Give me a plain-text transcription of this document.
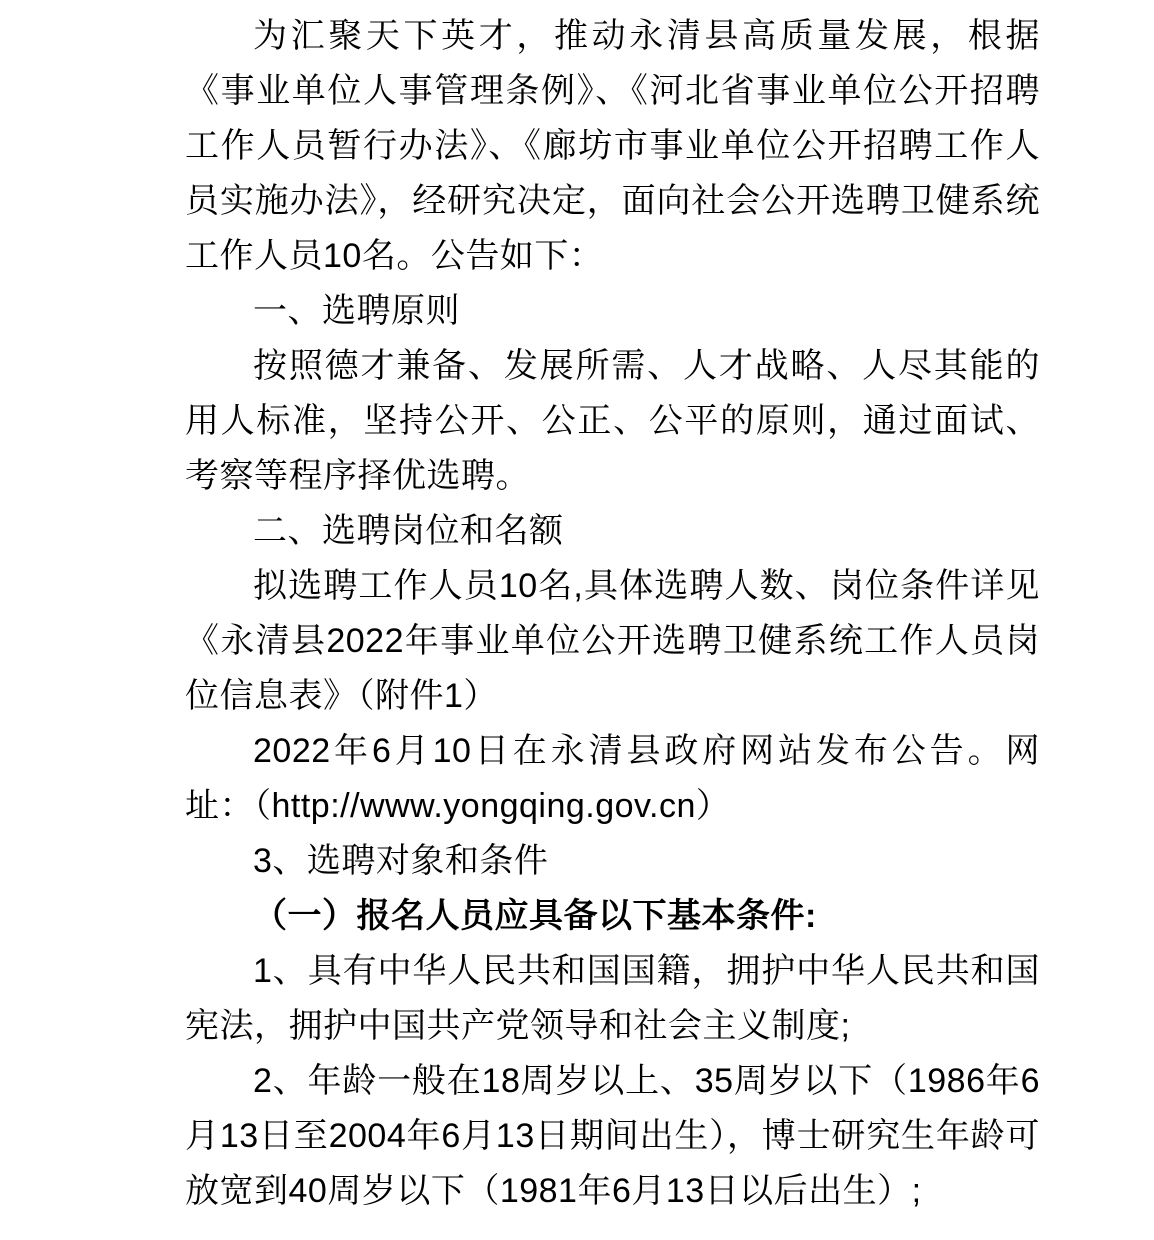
为汇聚天下英才，推动永清县高质量发展，根据《事业单位人事管理条例》、《河北省事业单位公开招聘工作人员暂行办法》、《廊坊市事业单位公开招聘工作人员实施办法》，经研究决定，面向社会公开选聘卫健系统工作人员10名。公告如下：

一、选聘原则

按照德才兼备、发展所需、人才战略、人尽其能的用人标准，坚持公开、公正、公平的原则，通过面试、考察等程序择优选聘。

二、选聘岗位和名额

拟选聘工作人员10名,具体选聘人数、岗位条件详见《永清县2022年事业单位公开选聘卫健系统工作人员岗位信息表》（附件1）

2022年6月10日在永清县政府网站发布公告。网址：（http://www.yongqing.gov.cn）

3、选聘对象和条件

（一）报名人员应具备以下基本条件:

1、具有中华人民共和国国籍，拥护中华人民共和国宪法，拥护中国共产党领导和社会主义制度;

2、年龄一般在18周岁以上、35周岁以下（1986年6月13日至2004年6月13日期间出生），博士研究生年龄可放宽到40周岁以下（1981年6月13日以后出生）;
